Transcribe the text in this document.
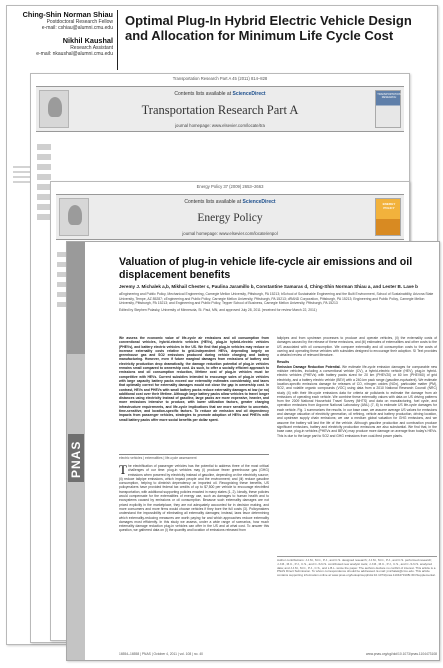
Ching-Shin Norman Shiau
Postdoctoral Research Fellow
e-mail: cshiau@alumni.cmu.edu
Nikhil Kaushal
Research Assistant
e-mail: nkaushal@alumni.cmu.edu
Optimal Plug-In Hybrid Electric Vehicle Design and Allocation for Minimum Life Cycle Cost
Transportation Research Part A 45 (2011) 814–828
Contents lists available at ScienceDirect
Transportation Research Part A
journal homepage: www.elsevier.com/locate/tra
TRANSPORTATION RESEARCH
Energy Policy 37 (2009) 2653–2663
Contents lists available at ScienceDirect
Energy Policy
journal homepage: www.elsevier.com/locate/enpol
ENERGY POLICY
PNAS
Valuation of plug-in vehicle life-cycle air emissions and oil displacement benefits
Jeremy J. Michalek a,b, Mikhail Chester c, Paulina Jaramillo b, Constantine Samaras d, Ching-Shin Norman Shiau a, and Lester B. Lave b
aEngineering and Public Policy, Mechanical Engineering, Carnegie Mellon University, Pittsburgh, PA 15213; bSchool of Sustainable Engineering and the Built Environment, School of Sustainability, Arizona State University, Tempe, AZ 85287; cEngineering and Public Policy, Carnegie Mellon University, Pittsburgh, PA 15213; dRAND Corporation, Pittsburgh, PA 15213; Engineering and Public Policy, Carnegie Mellon University, Pittsburgh, PA 15213; and Engineering and Public Policy, Tepper School of Business, Carnegie Mellon University, Pittsburgh, PA 15213
Edited by Stephen Polasky, University of Minnesota, St. Paul, MN, and approved July 28, 2011 (received for review March 22, 2011)
We assess the economic value of life-cycle air emissions and oil consumption from conventional vehicles, hybrid-electric vehicles (HEVs), plug-in hybrid-electric vehicles (PHEVs), and battery electric vehicles in the US. We find that plug-in vehicles may reduce or increase externality costs relative to grid-independent HEVs, depending largely on greenhouse gas and SO2 emissions produced during vehicle charging and battery manufacturing. However, even if future marginal damages from emissions of battery and electricity production drop dramatically, the damage reduction potential of plug-in vehicles remains small compared to ownership cost. As such, to offer a socially efficient approach to emissions and oil consumption reduction, lifetime cost of plug-in vehicles must be competitive with HEVs. Current subsidies intended to encourage sales of plug-in vehicles with large capacity battery packs exceed our externality estimates considerably, and taxes that optimally correct for externality damages would not close the gap in ownership cost. In contrast, HEVs and PHEVs with small battery packs reduce externality damages at low (or no) additional cost over their lifetime. Although large battery packs allow vehicles to travel longer distances using electricity instead of gasoline, large packs are more expensive, heavier, and more emissions intensive to produce, with lower utilization factors, greater charging infrastructure requirements, and life-cycle implications that are more sensitive to uncertain, time-sensitive, and location-specific factors. To reduce air emission and oil dependency impacts from passenger vehicles, strategies to promote adoption of HEVs and PHEVs with small battery packs offer more social benefits per dollar spent.
electric vehicles | externalities | life-cycle assessment
The electrification of passenger vehicles has the potential to address three of the most critical challenges of our time: plug-in vehicles may (i) produce fewer greenhouse gas (GHG) emissions when powered by electricity instead of gasoline, depending on the electricity source; (ii) reduce tailpipe emissions, which impact people and the environment; and (iii) reduce gasoline consumption, helping to diminish dependency on imported oil. Recognizing these benefits, US policymakers have provided federal tax credits of up to $7,500 per vehicle to encourage electrified transportation, with additional supporting policies enacted in many states (1, 2). Ideally, these policies would compensate for the externalities of energy use, such as damages to human health and to ecosystems caused by emissions or oil consumption. Because such externality damages are not priced explicitly in the marketplace, they are not adequately accounted for in decision making, and more consumers and more firms would choose vehicles if they bore the full costs (3). Policymakers understand the impossibility of eliminating all externality damages; instead, laws favor determining which externality-reducing measures are worth paying for and which approaches reduce externality damages most efficiently. In this study we assess, under a wide range of scenarios, how much externality damage reduction plug-in vehicles can offer in the US and at what cost. To answer this question, we gathered data on (i) the quantity and location of emissions released from

tailpipes and from upstream processes to produce and operate vehicles, (ii) the externality costs of damages caused by the release of these emissions, and (iii) estimates of externalities and other costs to the US associated with oil consumption. We compare externality and oil consumption costs to the costs of owning and operating these vehicles with subsidies designed to encourage their adoption. SI Text provides a detailed review of relevant literature.

Results

Emission Damage Reduction Potential. We estimate life-cycle emission damages for comparable new midsize vehicles, including a conventional vehicle (CV), a hybrid-electric vehicle (HEV), plug-in hybrid-electric vehicles (PHEVs) with battery packs sized for 20 km (PHEV20) or 60 km (PHEV60) of grid electricity, and a battery electric vehicle (BEV) with a 240-km pack range (gasoline-equivalent). We estimate location-specific emissions damage for releases of CO, nitrogen oxides (NOx), particulate matter (PM), SO2, and volatile organic compounds (VOC) using data from a 2010 National Research Council (NRC) study (4) with their life-cycle emissions data for criteria air pollutants to estimate the damage from air emissions of operating each vehicle. We combine these externality values with data on US driving patterns from the 2009 National Household Travel Survey (NHTS) and data on manufacturing, fuel cycle, and operation emissions from Argonne National Laboratory (ANL) (7, 8) to estimate US life-cycle damages for each vehicle. Fig. 1 summarizes the results. In our base case, we assume average US values for emissions and damage valuation of electricity generation, oil refining, vehicle and battery production, driving location, and upstream supply chain emissions; we use a medium global valuation for GHG emissions, and we assume the battery will last the life of the vehicle. Although gasoline production and combustion produce significant emissions, battery and electricity production emissions are also substantial. We find that, in the base case, plug-in vehicles (PHEVs and BEVs) may produce more damage on average than today's HEVs. This is due to the large part to SO2 and GHG emissions from coal-fired power plants.

Author contributions: J.J.M., M.C., P.J., and C.S. designed research; J.J.M., M.C., P.J., and C.S. performed research; J.J.M., M.C., P.J., C.S., and C.-S.N.S. contributed new analytic tools; J.J.M., M.C., P.J., C.S., and C.-S.N.S. analyzed data; and J.J.M., M.C., P.J., C.S., and L.B.L. wrote the paper. The authors declare no conflict of interest. This article is a PNAS Direct Submission. To whom correspondence should be addressed. E-mail: jmichalek@cmu.edu. This article contains supporting information online at www.pnas.org/lookup/suppl/doi:10.1073/pnas.1104473108/-/DCSupplemental.
16554–16558 | PNAS | October 4, 2011 | vol. 108 | no. 40	www.pnas.org/cgi/doi/10.1073/pnas.1104473108
